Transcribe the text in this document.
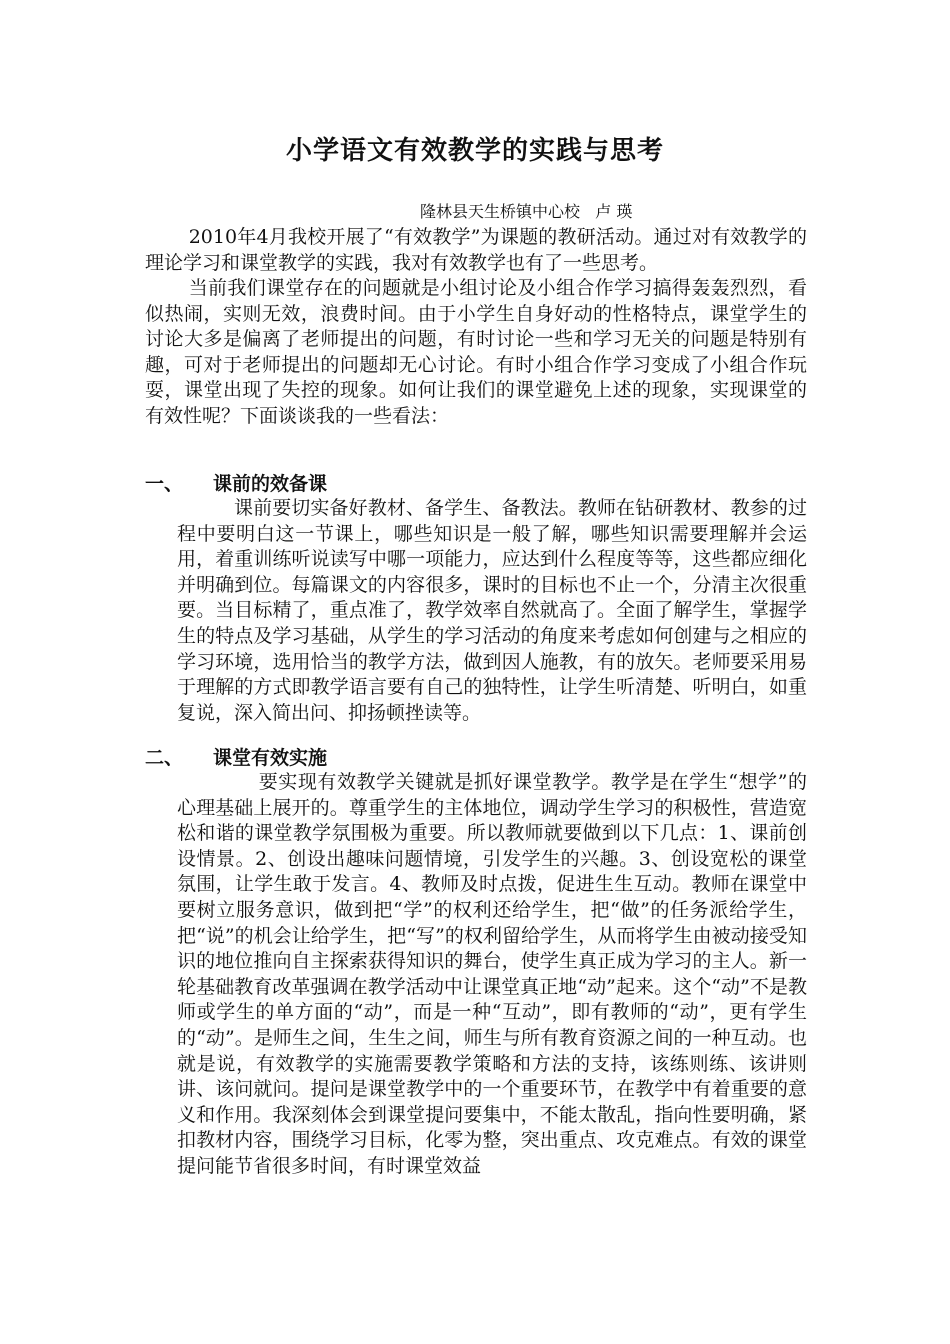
小学语文有效教学的实践与思考
隆林县天生桥镇中心校   卢 瑛

2010年4月我校开展了“有效教学”为课题的教研活动。通过对有效教学的理论学习和课堂教学的实践，我对有效教学也有了一些思考。

当前我们课堂存在的问题就是小组讨论及小组合作学习搞得轰轰烈烈，看似热闹，实则无效，浪费时间。由于小学生自身好动的性格特点，课堂学生的讨论大多是偏离了老师提出的问题，有时讨论一些和学习无关的问题是特别有趣，可对于老师提出的问题却无心讨论。有时小组合作学习变成了小组合作玩耍，课堂出现了失控的现象。如何让我们的课堂避免上述的现象，实现课堂的有效性呢？下面谈谈我的一些看法：

一、 课前的效备课

课前要切实备好教材、备学生、备教法。教师在钻研教材、教参的过程中要明白这一节课上，哪些知识是一般了解，哪些知识需要理解并会运用，着重训练听说读写中哪一项能力，应达到什么程度等等，这些都应细化并明确到位。每篇课文的内容很多，课时的目标也不止一个，分清主次很重要。当目标精了，重点准了，教学效率自然就高了。全面了解学生，掌握学生的特点及学习基础，从学生的学习活动的角度来考虑如何创建与之相应的学习环境，选用恰当的教学方法，做到因人施教，有的放矢。老师要采用易于理解的方式即教学语言要有自己的独特性，让学生听清楚、听明白，如重复说，深入简出问、抑扬顿挫读等。

二、 课堂有效实施

要实现有效教学关键就是抓好课堂教学。教学是在学生“想学”的心理基础上展开的。尊重学生的主体地位，调动学生学习的积极性，营造宽松和谐的课堂教学氛围极为重要。所以教师就要做到以下几点：1、课前创设情景。2、创设出趣味问题情境，引发学生的兴趣。3、创设宽松的课堂氛围，让学生敢于发言。4、教师及时点拨，促进生生互动。教师在课堂中要树立服务意识，做到把“学”的权利还给学生，把“做”的任务派给学生，把“说”的机会让给学生，把“写”的权利留给学生，从而将学生由被动接受知识的地位推向自主探索获得知识的舞台，使学生真正成为学习的主人。新一轮基础教育改革强调在教学活动中让课堂真正地“动”起来。这个“动”不是教师或学生的单方面的“动”，而是一种“互动”，即有教师的“动”，更有学生的“动”。是师生之间，生生之间，师生与所有教育资源之间的一种互动。也就是说，有效教学的实施需要教学策略和方法的支持，该练则练、该讲则讲、该问就问。提问是课堂教学中的一个重要环节，在教学中有着重要的意义和作用。我深刻体会到课堂提问要集中，不能太散乱，指向性要明确，紧扣教材内容，围绕学习目标，化零为整，突出重点、攻克难点。有效的课堂提问能节省很多时间，有时课堂效益
